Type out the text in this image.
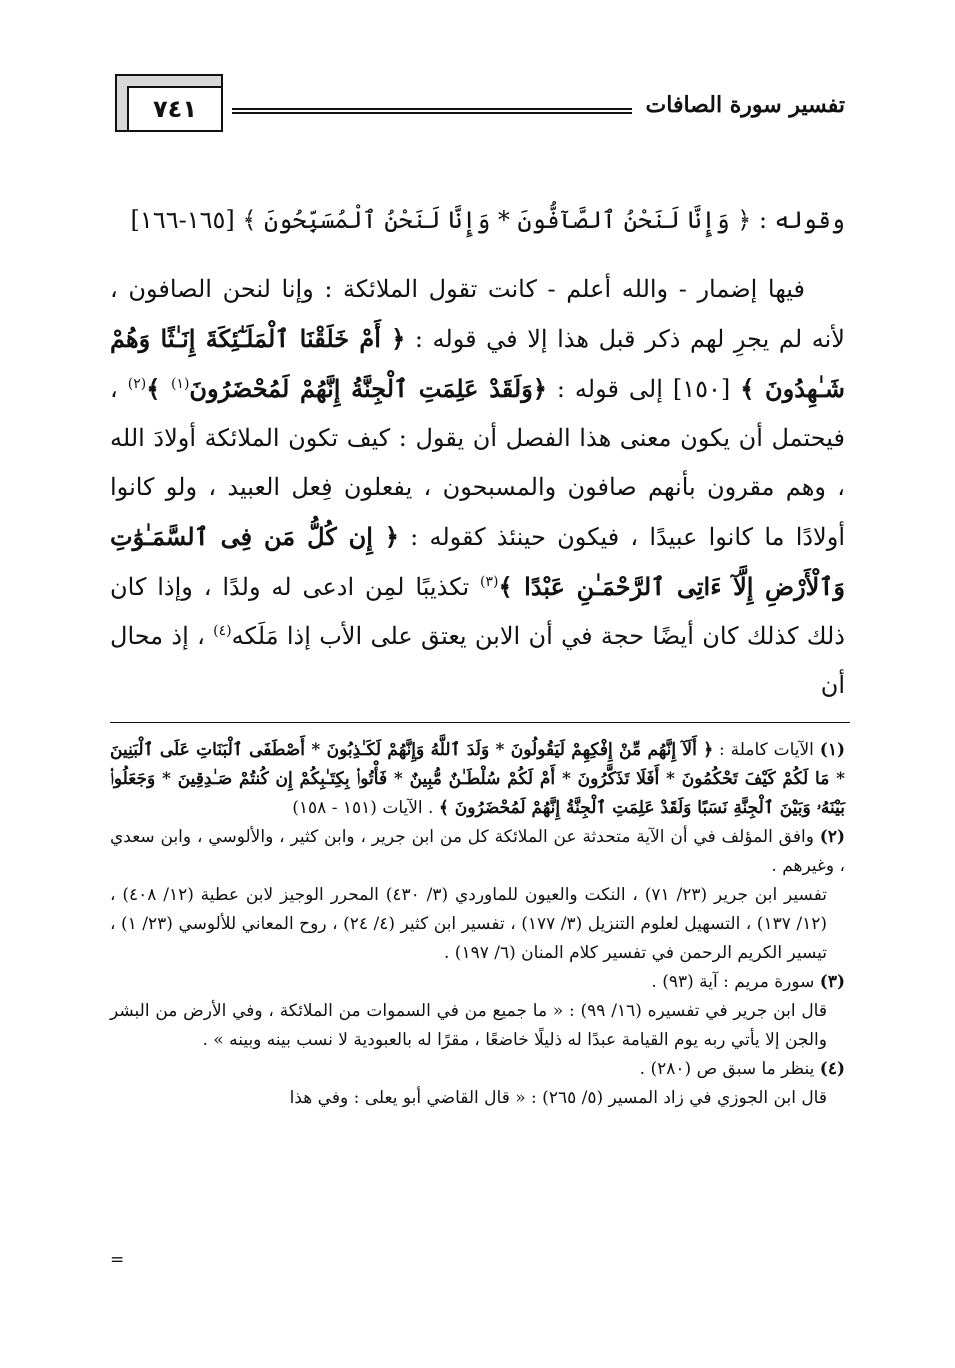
٧٤١	تفسير سورة الصافات
وقوله : ﴿ وَإِنَّا لَنَحْنُ ٱلصَّآفُّونَ * وَإِنَّا لَنَحْنُ ٱلْمُسَبِّحُونَ ﴾ [١٦٥-١٦٦]
فيها إضمار - والله أعلم - كانت تقول الملائكة : وإنا لنحن الصافون ، لأنه لم يجرِ لهم ذكر قبل هذا إلا في قوله : ﴿ أَمْ خَلَقْنَا ٱلْمَلَـٰٓئِكَةَ إِنَـٰثًا وَهُمْ شَـٰهِدُونَ ﴾ [١٥٠] إلى قوله : ﴿وَلَقَدْ عَلِمَتِ ٱلْجِنَّةُ إِنَّهُمْ لَمُحْضَرُونَ$^{(١)}$ ﴾$^{(٢)}$ ، فيحتمل أن يكون معنى هذا الفصل أن يقول : كيف تكون الملائكة أولادَ الله ، وهم مقرون بأنهم صافون والمسبحون ، يفعلون فِعل العبيد ، ولو كانوا أولادًا ما كانوا عبيدًا ، فيكون حينئذ كقوله : ﴿ إِن كُلُّ مَن فِى ٱلسَّمَـٰوَٰتِ وَٱلْأَرْضِ إِلَّآ ءَاتِى ٱلرَّحْمَـٰنِ عَبْدًا ﴾$^{(٣)}$ تكذيبًا لمِن ادعى له ولدًا ، وإذا كان ذلك كذلك كان أيضًا حجة في أن الابن يعتق على الأب إذا مَلَكه$^{(٤)}$ ، إذ محال أن

(١) الآيات كاملة : ﴿ أَلَآ إِنَّهُم مِّنْ إِفْكِهِمْ لَيَقُولُونَ * وَلَدَ ٱللَّهُ وَإِنَّهُمْ لَكَـٰذِبُونَ * أَصْطَفَى ٱلْبَنَاتِ عَلَى ٱلْبَنِينَ * مَا لَكُمْ كَيْفَ تَحْكُمُونَ * أَفَلَا تَذَكَّرُونَ * أَمْ لَكُمْ سُلْطَـٰنٌ مُّبِينٌ * فَأْتُوا۟ بِكِتَـٰبِكُمْ إِن كُنتُمْ صَـٰدِقِينَ * وَجَعَلُوا۟ بَيْنَهُۥ وَبَيْنَ ٱلْجِنَّةِ نَسَبًا وَلَقَدْ عَلِمَتِ ٱلْجِنَّةُ إِنَّهُمْ لَمُحْضَرُونَ ﴾ . الآيات (١٥١ - ١٥٨)

(٢) وافق المؤلف في أن الآية متحدثة عن الملائكة كل من ابن جرير ، وابن كثير ، والألوسي ، وابن سعدي ، وغيرهم .

تفسير ابن جرير (٢٣/ ٧١) ، النكت والعيون للماوردي (٣/ ٤٣٠) المحرر الوجيز لابن عطية (١٢/ ٤٠٨) ، (١٢/ ١٣٧) ، التسهيل لعلوم التنزيل (٣/ ١٧٧) ، تفسير ابن كثير (٤/ ٢٤) ، روح المعاني للألوسي (٢٣/ ١) ، تيسير الكريم الرحمن في تفسير كلام المنان (٦/ ١٩٧) .

(٣) سورة مريم : آية (٩٣) .

قال ابن جرير في تفسيره (١٦/ ٩٩) : « ما جميع من في السموات من الملائكة ، وفي الأرض من البشر والجن إلا يأتي ربه يوم القيامة عبدًا له ذليلًا خاضعًا ، مقرًا له بالعبودية لا نسب بينه وبينه » .

(٤) ينظر ما سبق ص (٢٨٠) .

قال ابن الجوزي في زاد المسير (٥/ ٢٦٥) : « قال القاضي أبو يعلى : وفي هذا

=
